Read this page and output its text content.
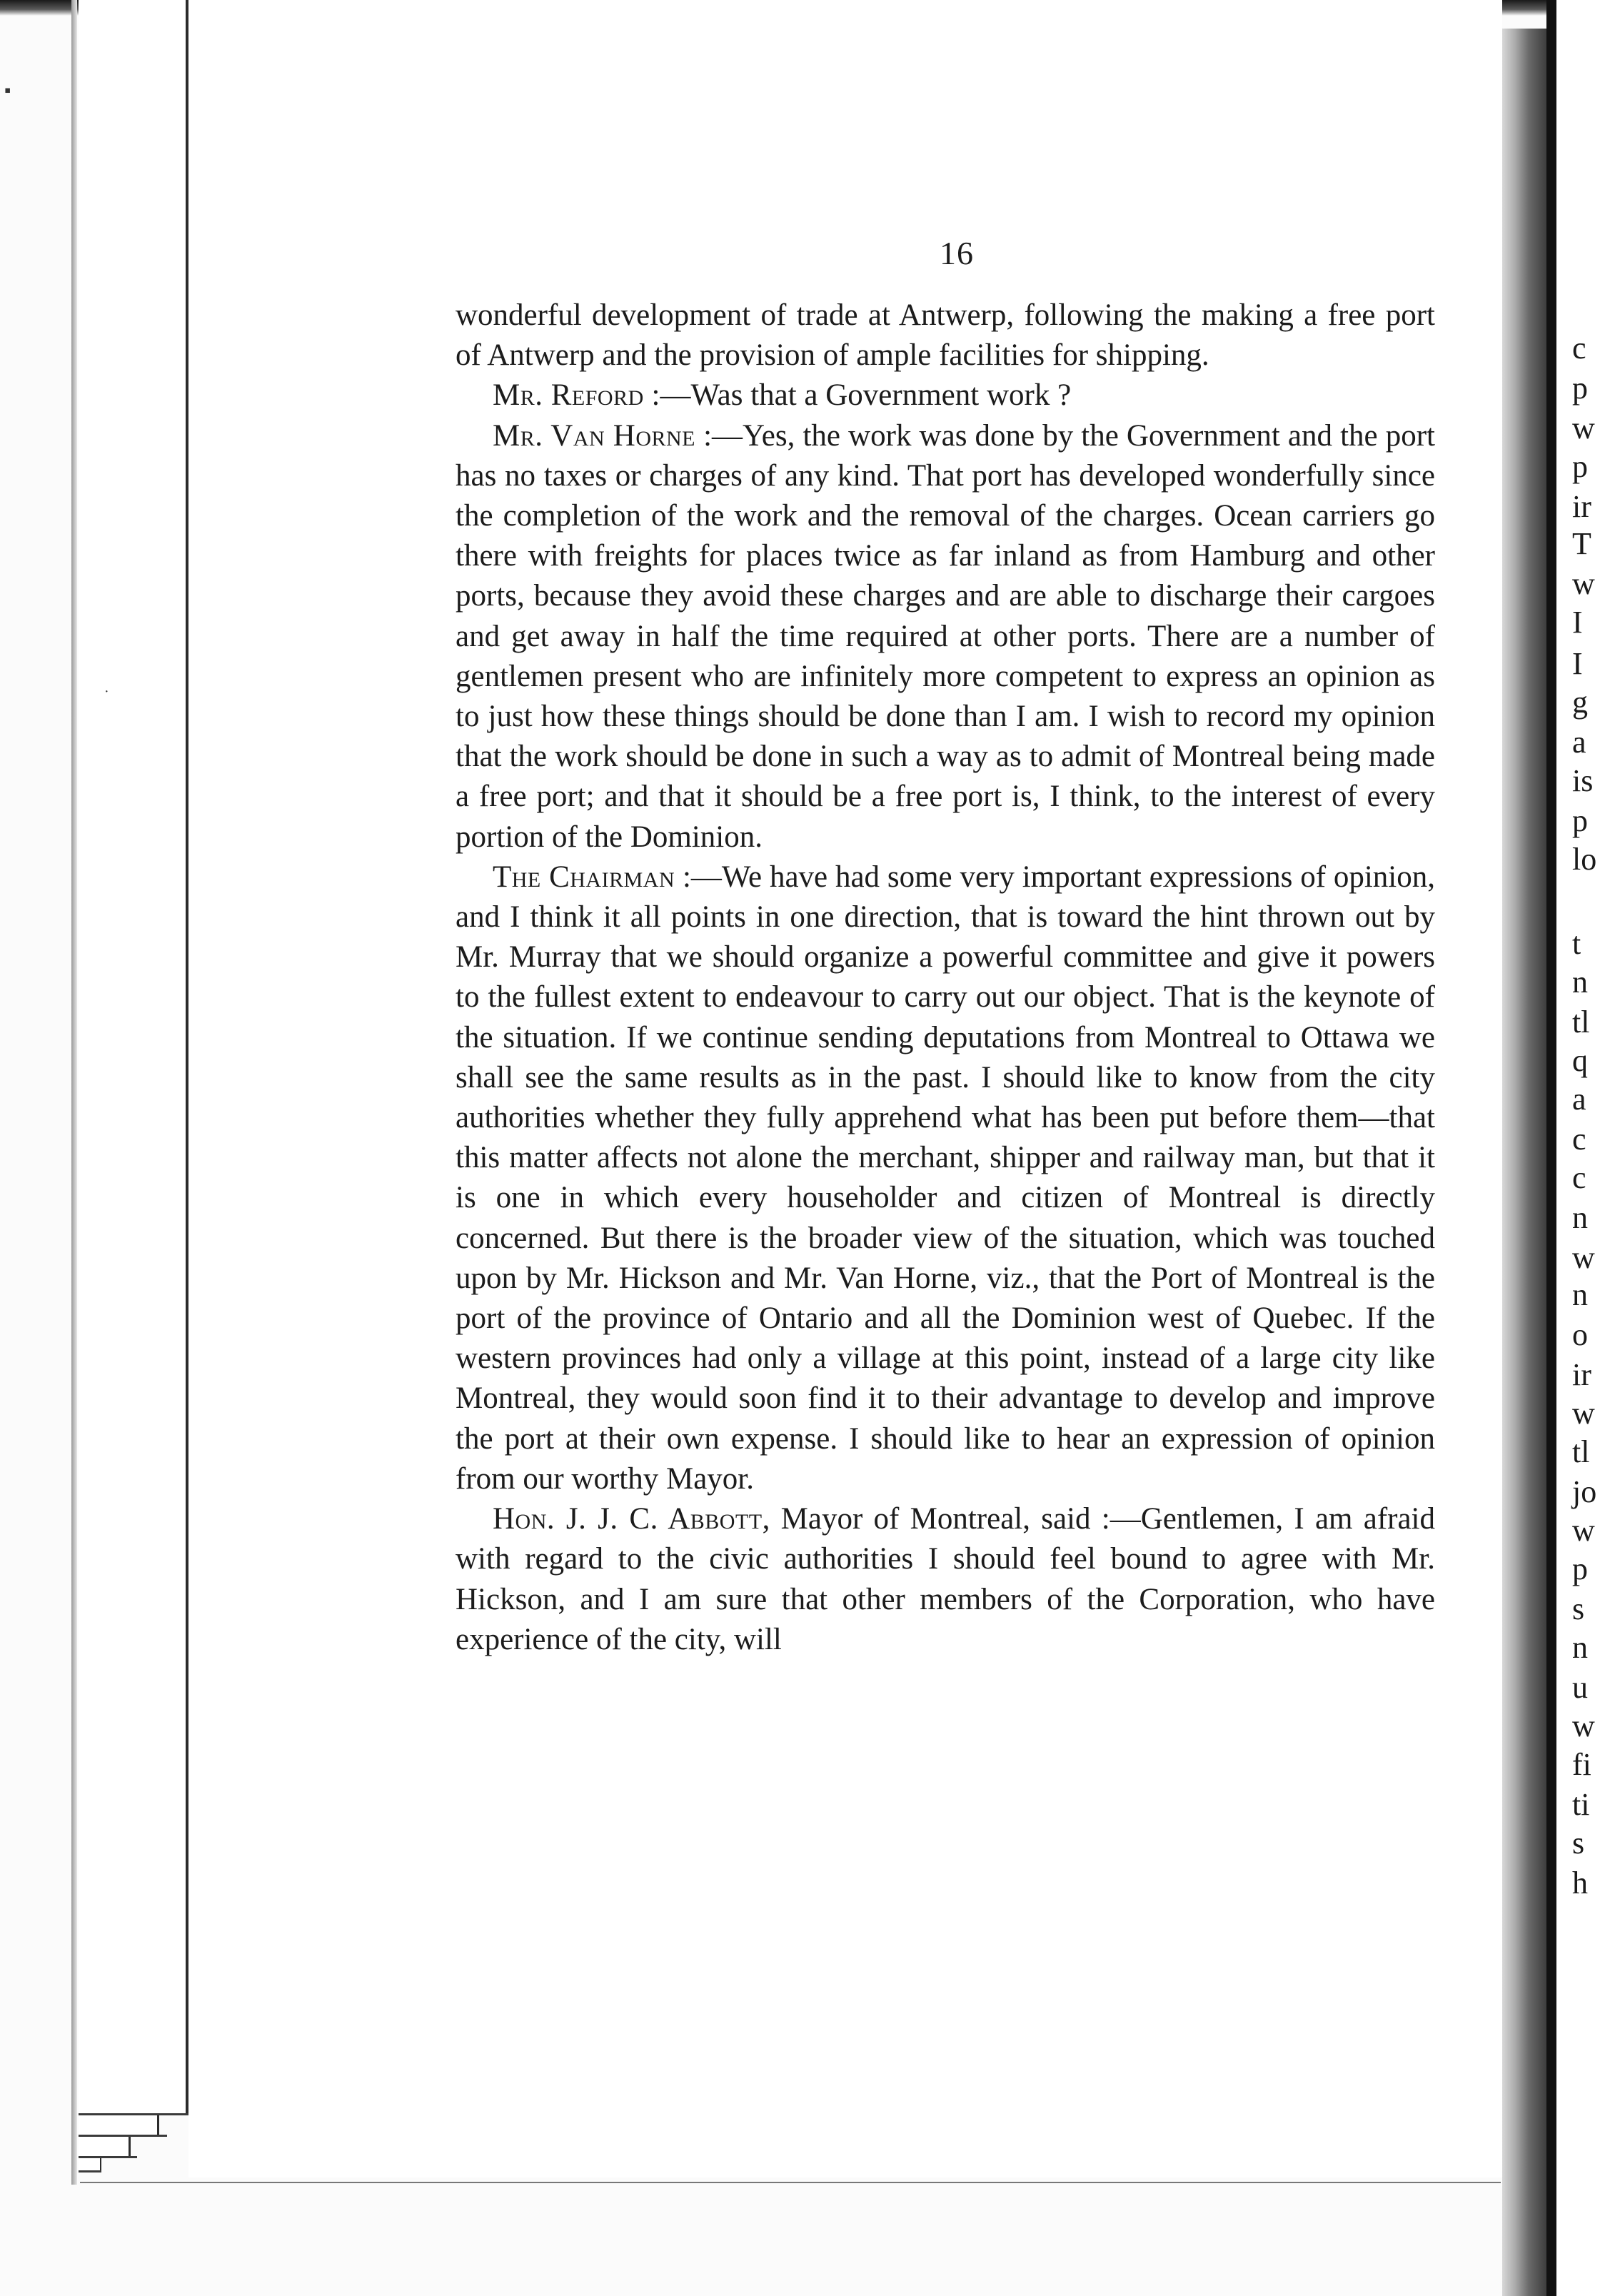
▪
·
16

wonderful development of trade at Antwerp, following the making a free port of Antwerp and the provision of ample facilities for shipping.

Mr. Reford :—Was that a Government work ?

Mr. Van Horne :—Yes, the work was done by the Government and the port has no taxes or charges of any kind. That port has developed wonderfully since the completion of the work and the removal of the charges. Ocean carriers go there with freights for places twice as far inland as from Hamburg and other ports, because they avoid these charges and are able to discharge their cargoes and get away in half the time required at other ports. There are a number of gentlemen present who are infinitely more competent to express an opinion as to just how these things should be done than I am. I wish to record my opinion that the work should be done in such a way as to admit of Montreal being made a free port; and that it should be a free port is, I think, to the interest of every portion of the Dominion.

The Chairman :—We have had some very important expressions of opinion, and I think it all points in one direction, that is toward the hint thrown out by Mr. Murray that we should organize a powerful committee and give it powers to the fullest extent to endeavour to carry out our object. That is the keynote of the situation. If we continue sending deputations from Montreal to Ottawa we shall see the same results as in the past. I should like to know from the city authorities whether they fully apprehend what has been put before them—that this matter affects not alone the merchant, shipper and railway man, but that it is one in which every householder and citizen of Montreal is directly concerned. But there is the broader view of the situation, which was touched upon by Mr. Hickson and Mr. Van Horne, viz., that the Port of Montreal is the port of the province of Ontario and all the Dominion west of Quebec. If the western provinces had only a village at this point, instead of a large city like Montreal, they would soon find it to their advantage to develop and improve the port at their own expense. I should like to hear an expression of opinion from our worthy Mayor.

Hon. J. J. C. Abbott, Mayor of Montreal, said :—Gentlemen, I am afraid with regard to the civic authorities I should feel bound to agree with Mr. Hickson, and I am sure that other members of the Corporation, who have experience of the city, will

c
p
w
p
ir
T
w
I
I
g
a
is
p
lo
t
n
tl
q
a
c
c
n
w
n
o
ir
w
tl
jo
w
p
s
n
u
w
fi
ti
s
h
